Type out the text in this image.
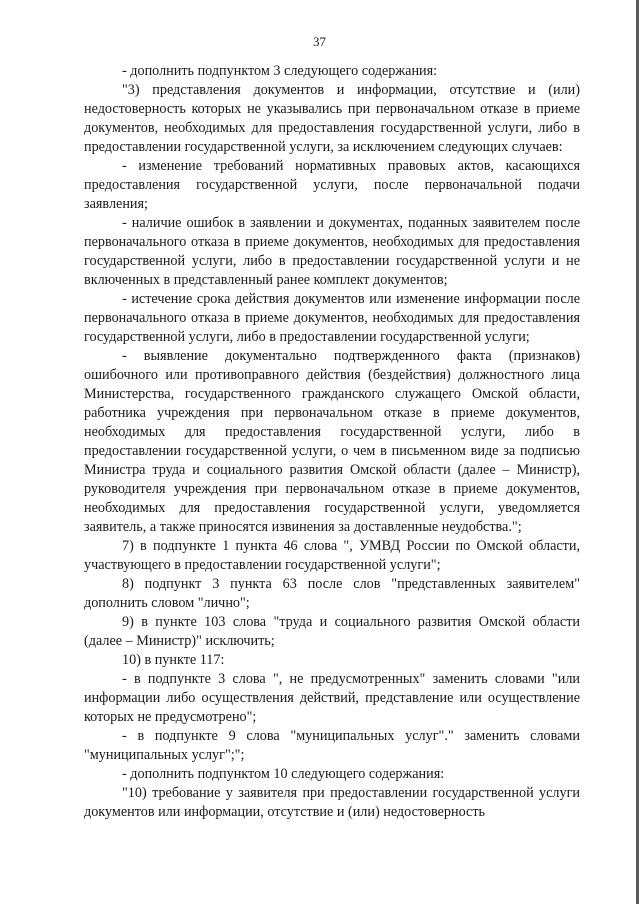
37

- дополнить подпунктом 3 следующего содержания:

"3) представления документов и информации, отсутствие и (или) недостоверность которых не указывались при первоначальном отказе в приеме документов, необходимых для предоставления государственной услуги, либо в предоставлении государственной услуги, за исключением следующих случаев:

- изменение требований нормативных правовых актов, касающихся предоставления государственной услуги, после первоначальной подачи заявления;

- наличие ошибок в заявлении и документах, поданных заявителем после первоначального отказа в приеме документов, необходимых для предоставления государственной услуги, либо в предоставлении государственной услуги и не включенных в представленный ранее комплект документов;

- истечение срока действия документов или изменение информации после первоначального отказа в приеме документов, необходимых для предоставления государственной услуги, либо в предоставлении государственной услуги;

- выявление документально подтвержденного факта (признаков) ошибочного или противоправного действия (бездействия) должностного лица Министерства, государственного гражданского служащего Омской области, работника учреждения при первоначальном отказе в приеме документов, необходимых для предоставления государственной услуги, либо в предоставлении государственной услуги, о чем в письменном виде за подписью Министра труда и социального развития Омской области (далее – Министр), руководителя учреждения при первоначальном отказе в приеме документов, необходимых для предоставления государственной услуги, уведомляется заявитель, а также приносятся извинения за доставленные неудобства.";

7) в подпункте 1 пункта 46 слова ", УМВД России по Омской области, участвующего в предоставлении государственной услуги";

8) подпункт 3 пункта 63 после слов "представленных заявителем" дополнить словом "лично";

9) в пункте 103 слова "труда и социального развития Омской области (далее – Министр)" исключить;

10) в пункте 117:

- в подпункте 3 слова ", не предусмотренных" заменить словами "или информации либо осуществления действий, представление или осуществление которых не предусмотрено";

- в подпункте 9 слова "муниципальных услуг"." заменить словами "муниципальных услуг";";

- дополнить подпунктом 10 следующего содержания:

"10) требование у заявителя при предоставлении государственной услуги документов или информации, отсутствие и (или) недостоверность
